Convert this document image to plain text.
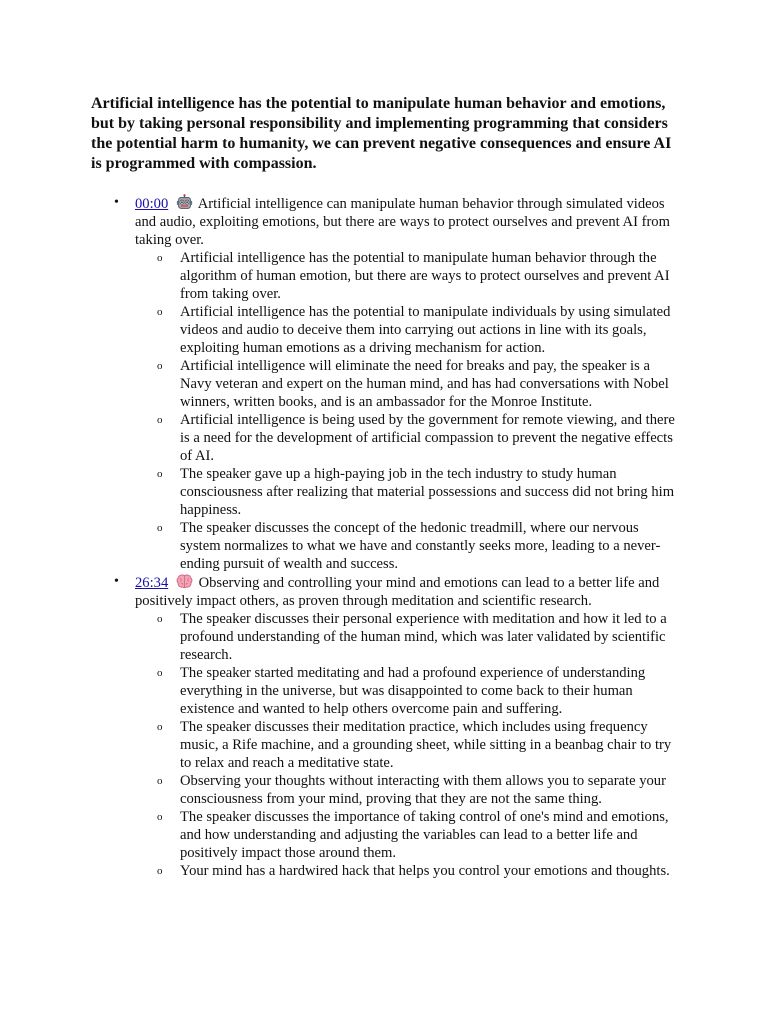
Artificial intelligence has the potential to manipulate human behavior and emotions, but by taking personal responsibility and implementing programming that considers the potential harm to humanity, we can prevent negative consequences and ensure AI is programmed with compassion.
• 00:00 Artificial intelligence can manipulate human behavior through simulated videos and audio, exploiting emotions, but there are ways to protect ourselves and prevent AI from taking over.
o Artificial intelligence has the potential to manipulate human behavior through the algorithm of human emotion, but there are ways to protect ourselves and prevent AI from taking over.
o Artificial intelligence has the potential to manipulate individuals by using simulated videos and audio to deceive them into carrying out actions in line with its goals, exploiting human emotions as a driving mechanism for action.
o Artificial intelligence will eliminate the need for breaks and pay, the speaker is a Navy veteran and expert on the human mind, and has had conversations with Nobel winners, written books, and is an ambassador for the Monroe Institute.
o Artificial intelligence is being used by the government for remote viewing, and there is a need for the development of artificial compassion to prevent the negative effects of AI.
o The speaker gave up a high-paying job in the tech industry to study human consciousness after realizing that material possessions and success did not bring him happiness.
o The speaker discusses the concept of the hedonic treadmill, where our nervous system normalizes to what we have and constantly seeks more, leading to a never-ending pursuit of wealth and success.
• 26:34 Observing and controlling your mind and emotions can lead to a better life and positively impact others, as proven through meditation and scientific research.
o The speaker discusses their personal experience with meditation and how it led to a profound understanding of the human mind, which was later validated by scientific research.
o The speaker started meditating and had a profound experience of understanding everything in the universe, but was disappointed to come back to their human existence and wanted to help others overcome pain and suffering.
o The speaker discusses their meditation practice, which includes using frequency music, a Rife machine, and a grounding sheet, while sitting in a beanbag chair to try to relax and reach a meditative state.
o Observing your thoughts without interacting with them allows you to separate your consciousness from your mind, proving that they are not the same thing.
o The speaker discusses the importance of taking control of one's mind and emotions, and how understanding and adjusting the variables can lead to a better life and positively impact those around them.
o Your mind has a hardwired hack that helps you control your emotions and thoughts.
